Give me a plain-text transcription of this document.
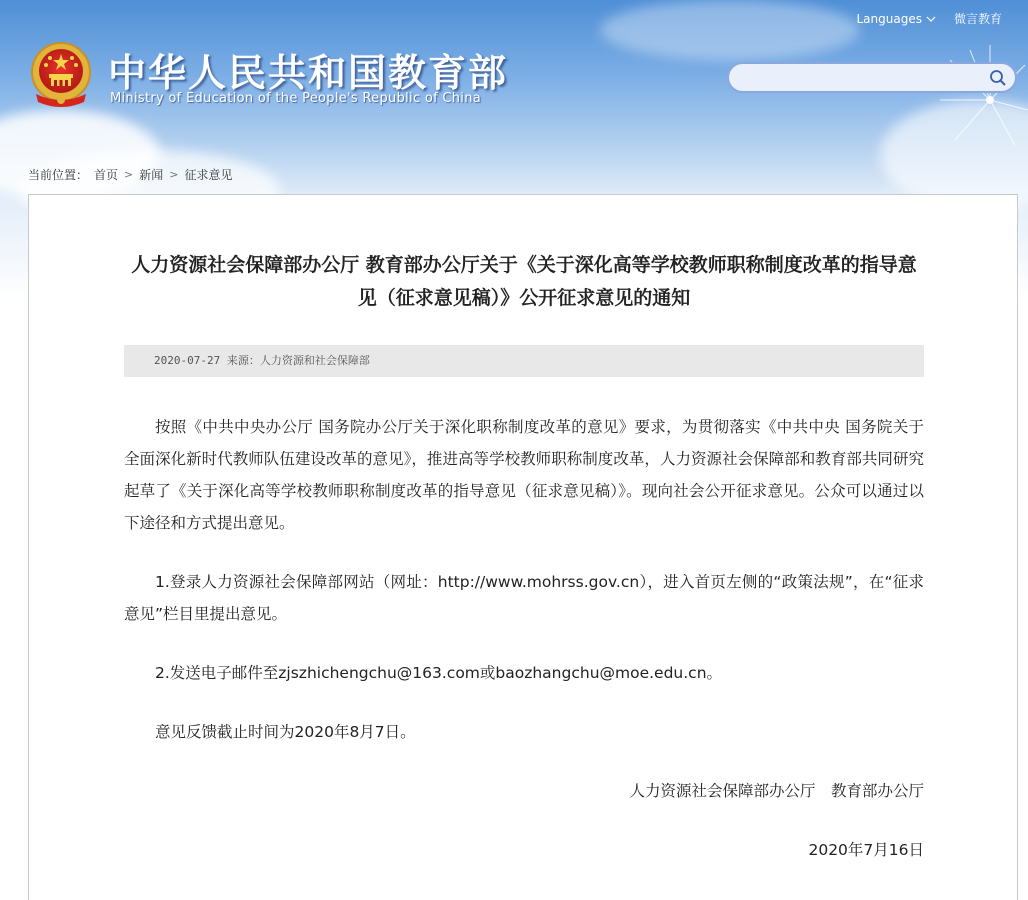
Languages	微言教育
中华人民共和国教育部
Ministry of Education of the People's Republic of China
当前位置： 首页 > 新闻 > 征求意见
人力资源社会保障部办公厅 教育部办公厅关于《关于深化高等学校教师职称制度改革的指导意见（征求意见稿）》公开征求意见的通知
2020-07-27 来源：人力资源和社会保障部

按照《中共中央办公厅 国务院办公厅关于深化职称制度改革的意见》要求，为贯彻落实《中共中央 国务院关于全面深化新时代教师队伍建设改革的意见》，推进高等学校教师职称制度改革，人力资源社会保障部和教育部共同研究起草了《关于深化高等学校教师职称制度改革的指导意见（征求意见稿）》。现向社会公开征求意见。公众可以通过以下途径和方式提出意见。

1.登录人力资源社会保障部网站（网址：http://www.mohrss.gov.cn），进入首页左侧的“政策法规”，在“征求意见”栏目里提出意见。

2.发送电子邮件至zjszhichengchu@163.com或baozhangchu@moe.edu.cn。

意见反馈截止时间为2020年8月7日。

人力资源社会保障部办公厅　教育部办公厅

2020年7月16日
